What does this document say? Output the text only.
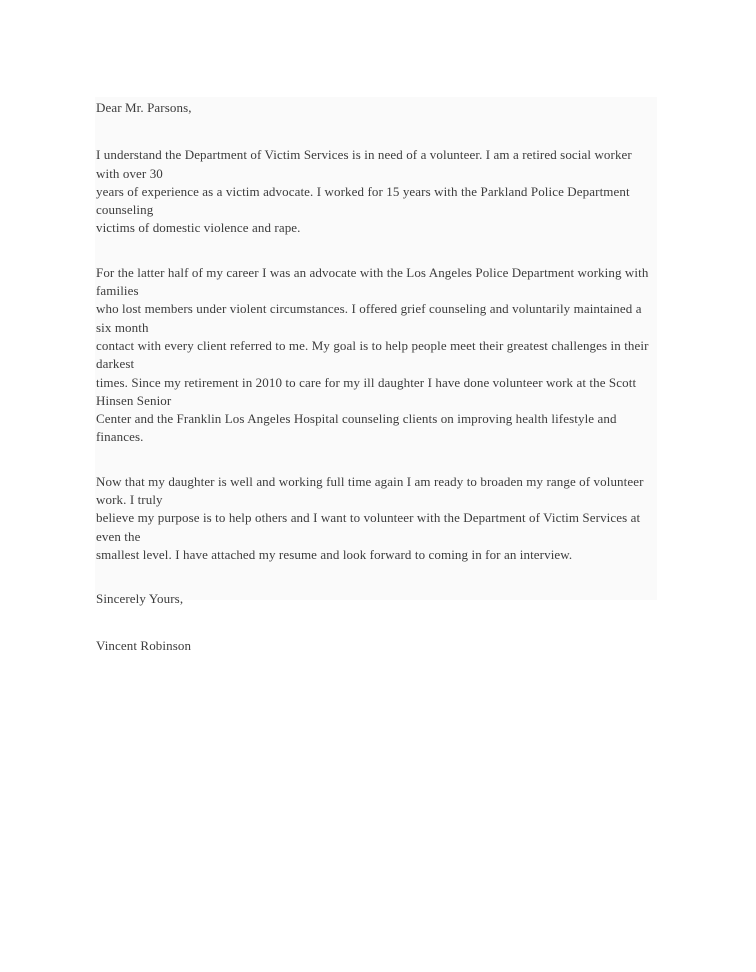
Dear Mr. Parsons,
I understand the Department of Victim Services is in need of a volunteer. I am a retired social worker with over 30
years of experience as a victim advocate. I worked for 15 years with the Parkland Police Department counseling
victims of domestic violence and rape.
For the latter half of my career I was an advocate with the Los Angeles Police Department working with families
who lost members under violent circumstances. I offered grief counseling and voluntarily maintained a six month
contact with every client referred to me. My goal is to help people meet their greatest challenges in their darkest
times. Since my retirement in 2010 to care for my ill daughter I have done volunteer work at the Scott     Hinsen Senior
Center and the Franklin Los Angeles Hospital counseling clients on improving health lifestyle and finances.
Now that my daughter is well and working full time again I am ready to broaden my range of volunteer work. I truly
believe my purpose is to help others and I want to volunteer with the Department of Victim Services at even the
smallest level. I have attached my resume and look forward to coming in for an interview.
Sincerely Yours,
Vincent Robinson
